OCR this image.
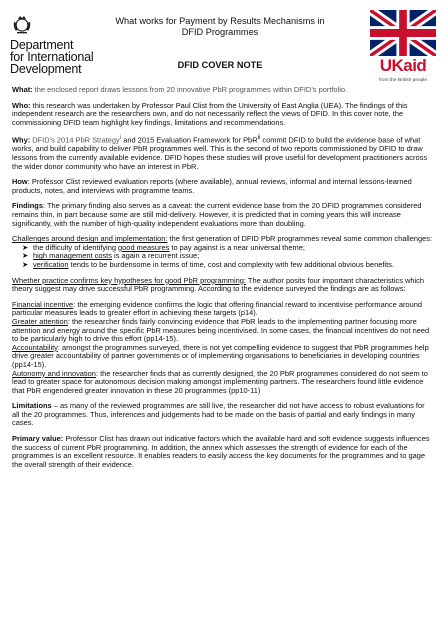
Department
for International
Development
What works for Payment by Results Mechanisms in DFID Programmes
DFID COVER NOTE	UKaid
from the British people

What: the enclosed report draws lessons from 20 innovative PbR programmes within DFID’s portfolio.

Who: this research was undertaken by Professor Paul Clist from the University of East Anglia (UEA). The findings of this independent research are the researchers own, and do not necessarily reflect the views of DFID. In this cover note, the commissioning DFID team highlight key findings, limitations and recommendations.

Why: DFID’s 2014 PbR Strategy$^i$ and 2015 Evaluation Framework for PbR$^{ii}$ commit DFID to build the evidence base of what works, and build capability to deliver PbR programmes well. This is the second of two reports commissioned by DFID to draw lessons from the currently available evidence. DFID hopes these studies will prove useful for development practitioners across the wider donor community who have an interest in PbR.

How: Professor Clist reviewed evaluation reports (where available), annual reviews, informal and internal lessons-learned products, notes, and interviews with programme teams.

Findings: The primary finding also serves as a caveat: the current evidence base from the 20 DFID programmes considered remains thin, in part because some are still mid-delivery. However, it is predicted that in coming years this will increase significantly, with the number of high-quality independent evaluations more than doubling.

Challenges around design and implementation: the first generation of DFID PbR programmes reveal some common challenges:

➤ the difficulty of identifying good measures to pay against is a near universal theme;
➤ high management costs is again a recurrent issue;
➤ verification tends to be burdensome in terms of time, cost and complexity with few additional obvious benefits.

Whether practice confirms key hypotheses for good PbR programming: The author posits four important characteristics which theory suggest may drive successful PbR programming. According to the evidence surveyed the findings are as follows:

Financial incentive: the emerging evidence confirms the logic that offering financial reward to incentivise performance around particular measures leads to greater effort in achieving these targets (p14).

Greater attention: the researcher finds fairly convincing evidence that PbR leads to the implementing partner focusing more attention and energy around the specific PbR measures being incentivised. In some cases, the financial incentives do not need to be particularly high to drive this effort (pp14-15).

Accountability: amongst the programmes surveyed, there is not yet compelling evidence to suggest that PbR programmes help drive greater accountability of partner governments or of implementing organisations to beneficiaries in developing countries (pp14-15).

Autonomy and innovation: the researcher finds that as currently designed, the 20 PbR programmes considered do not seem to lead to greater space for autonomous decision making amongst implementing partners. The researchers found little evidence that PbR engendered greater innovation in these 20 programmes (pp10-11)

Limitations – as many of the reviewed programmes are still live, the researcher did not have access to robust evaluations for all the 20 programmes. Thus, inferences and judgements had to be made on the basis of partial and early findings in many cases.

Primary value: Professor Clist has drawn out indicative factors which the available hard and soft evidence suggests influences the success of current PbR programming. In addition, the annex which assesses the strength of evidence for each of the programmes is an excellent resource. It enables readers to easily access the key documents for the programmes and to gage the overall strength of their evidence.
